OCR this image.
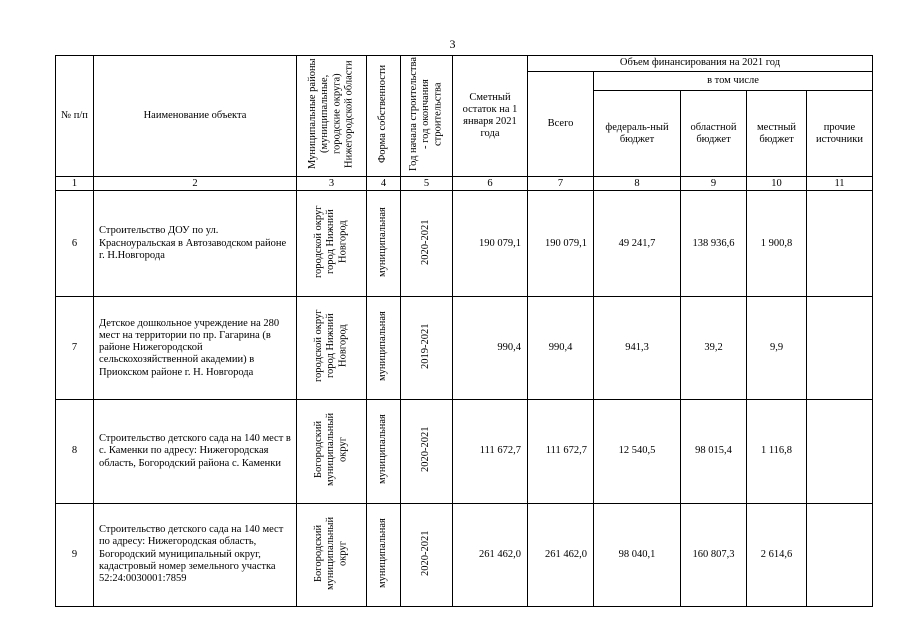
3
№ п/п	Наименование объекта	Муниципальные районы (муниципальные, городские округа) Нижегородской области	Форма собственности	Год начала строительства - год окончания строительства	Сметный остаток на 1 января 2021 года	Объем финансирования на 2021 год				
						Всего	в том числе			
							федераль-ный бюджет	областной бюджет	местный бюджет	прочие источники
1	2	3	4	5	6	7	8	9	10	11
6	Строительство ДОУ по ул. Красноуральская в Автозаводском районе г. Н.Новгорода	городской округ город Нижний Новгород	муниципальная	2020-2021	190 079,1	190 079,1	49 241,7	138 936,6	1 900,8	
7	Детское дошкольное учреждение на 280 мест на территории по пр. Гагарина (в районе Нижегородской сельскохозяйственной академии) в Приокском районе г. Н. Новгорода	городской округ город Нижний Новгород	муниципальная	2019-2021	990,4	990,4	941,3	39,2	9,9	
8	Строительство детского сада на 140 мест в с. Каменки по адресу: Нижегородская область, Богородский района с. Каменки	Богородский муниципальный округ	муниципальная	2020-2021	111 672,7	111 672,7	12 540,5	98 015,4	1 116,8	
9	Строительство детского сада на 140 мест по адресу: Нижегородская область, Богородский муниципальный округ, кадастровый номер земельного участка 52:24:0030001:7859	Богородский муниципальный округ	муниципальная	2020-2021	261 462,0	261 462,0	98 040,1	160 807,3	2 614,6	
